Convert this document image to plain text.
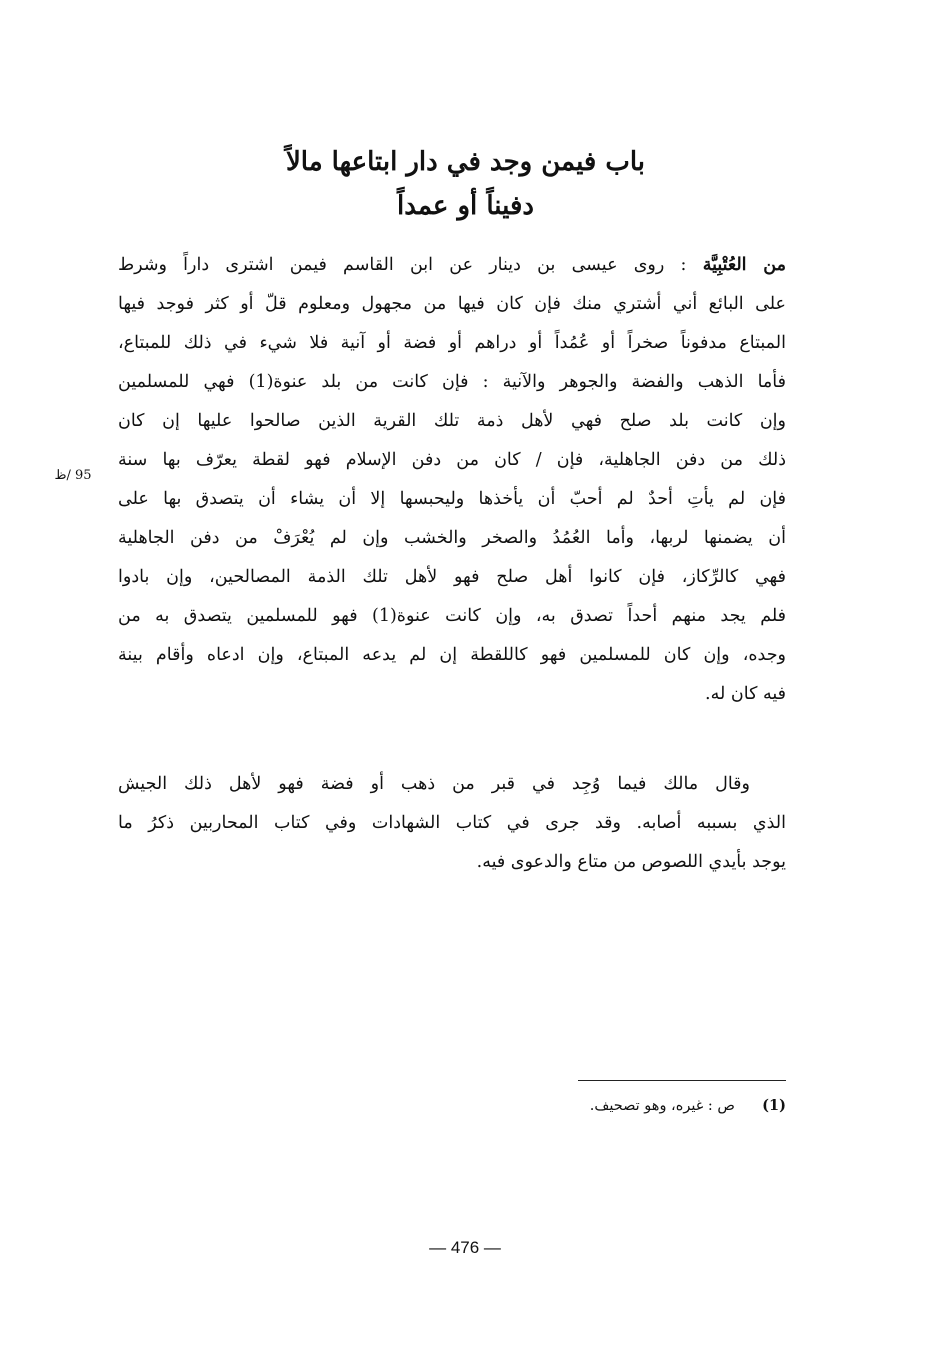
باب فيمن وجد في دار ابتاعها مالاً
دفيناً أو عمداً
من العُتْبِيَّة : روى عيسى بن دينار عن ابن القاسم فيمن اشترى داراً وشرط
على البائع أني أشتري منك فإن كان فيها من مجهول ومعلوم قلّ أو كثر فوجد فيها
المبتاع مدفوناً صخراً أو عُمُداً أو دراهم أو فضة أو آنية فلا شيء في ذلك للمبتاع،
فأما الذهب والفضة والجوهر والآنية : فإن كانت من بلد عنوة(1) فهي للمسلمين
وإن كانت بلد صلح فهي لأهل ذمة تلك القرية الذين صالحوا عليها إن كان
ذلك من دفن الجاهلية، فإن / كان من دفن الإسلام فهو لقطة يعرّف بها سنة
فإن لم يأتِ أحدٌ لم أحبّ أن يأخذها وليحبسها إلا أن يشاء أن يتصدق بها على
أن يضمنها لربها، وأما العُمُدُ والصخر والخشب وإن لم يُعْرَفْ من دفن الجاهلية
فهي كالرِّكاز، فإن كانوا أهل صلح فهو لأهل تلك الذمة المصالحين، وإن بادوا
فلم يجد منهم أحداً تصدق به، وإن كانت عنوة(1) فهو للمسلمين يتصدق به من
وجده، وإن كان للمسلمين فهو كاللقطة إن لم يدعه المبتاع، وإن ادعاه وأقام بينة
فيه كان له.
95 /ظ
وقال مالك فيما وُجِد في قبر من ذهب أو فضة فهو لأهل ذلك الجيش
الذي بسببه أصابه. وقد جرى في كتاب الشهادات وفي كتاب المحاربين ذكرُ ما
يوجد بأيدي اللصوص من متاع والدعوى فيه.
(1)  ص : غيره، وهو تصحيف.
— 476 —
